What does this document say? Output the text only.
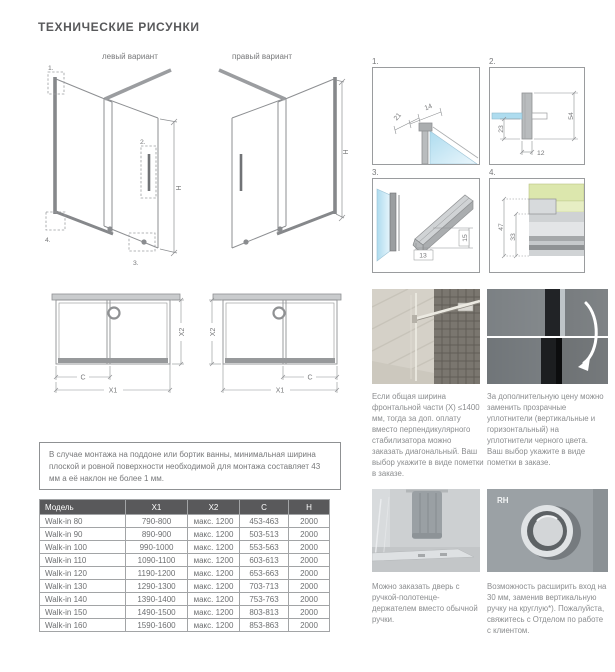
ТЕХНИЧЕСКИЕ РИСУНКИ
левый вариант
1.
2.
3.
4.
H
правый вариант
H
C
X1
X2
C
X1
X2
В случае монтажа на поддоне или бортик ванны, минимальная ширина плоской и ровной поверхности необходимой для монтажа составляет 43 мм а её наклон не более 1 мм.
Модель	X1	X2	C	H
Walk-in 80	790-800	макс. 1200	453-463	2000
Walk-in 90	890-900	макс. 1200	503-513	2000
Walk-in 100	990-1000	макс. 1200	553-563	2000
Walk-in 110	1090-1100	макс. 1200	603-613	2000
Walk-in 120	1190-1200	макс. 1200	653-663	2000
Walk-in 130	1290-1300	макс. 1200	703-713	2000
Walk-in 140	1390-1400	макс. 1200	753-763	2000
Walk-in 150	1490-1500	макс. 1200	803-813	2000
Walk-in 160	1590-1600	макс. 1200	853-863	2000
1.
14
21
2.
54
23
12
3.
13
15
4.
47
33
Если общая ширина фронтальной части (X) ≤1400 мм, тогда за доп. оплату вместо перпендикулярного стабилизатора можно заказать диагональный. Ваш выбор укажите в виде пометки в заказе.
За дополнительную цену можно заменить прозрачные уплотнители (вертикальные и горизонтальный) на уплотнители черного цвета. Ваш выбор укажите в виде пометки в заказе.
RH
Можно заказать дверь с ручкой-полотенце-держателем вместо обычной ручки.
Возможность расширить вход на 30 мм, заменив вертикальную ручку на круглую*). Пожалуйста, свяжитесь с Отделом по работе с клиентом.
